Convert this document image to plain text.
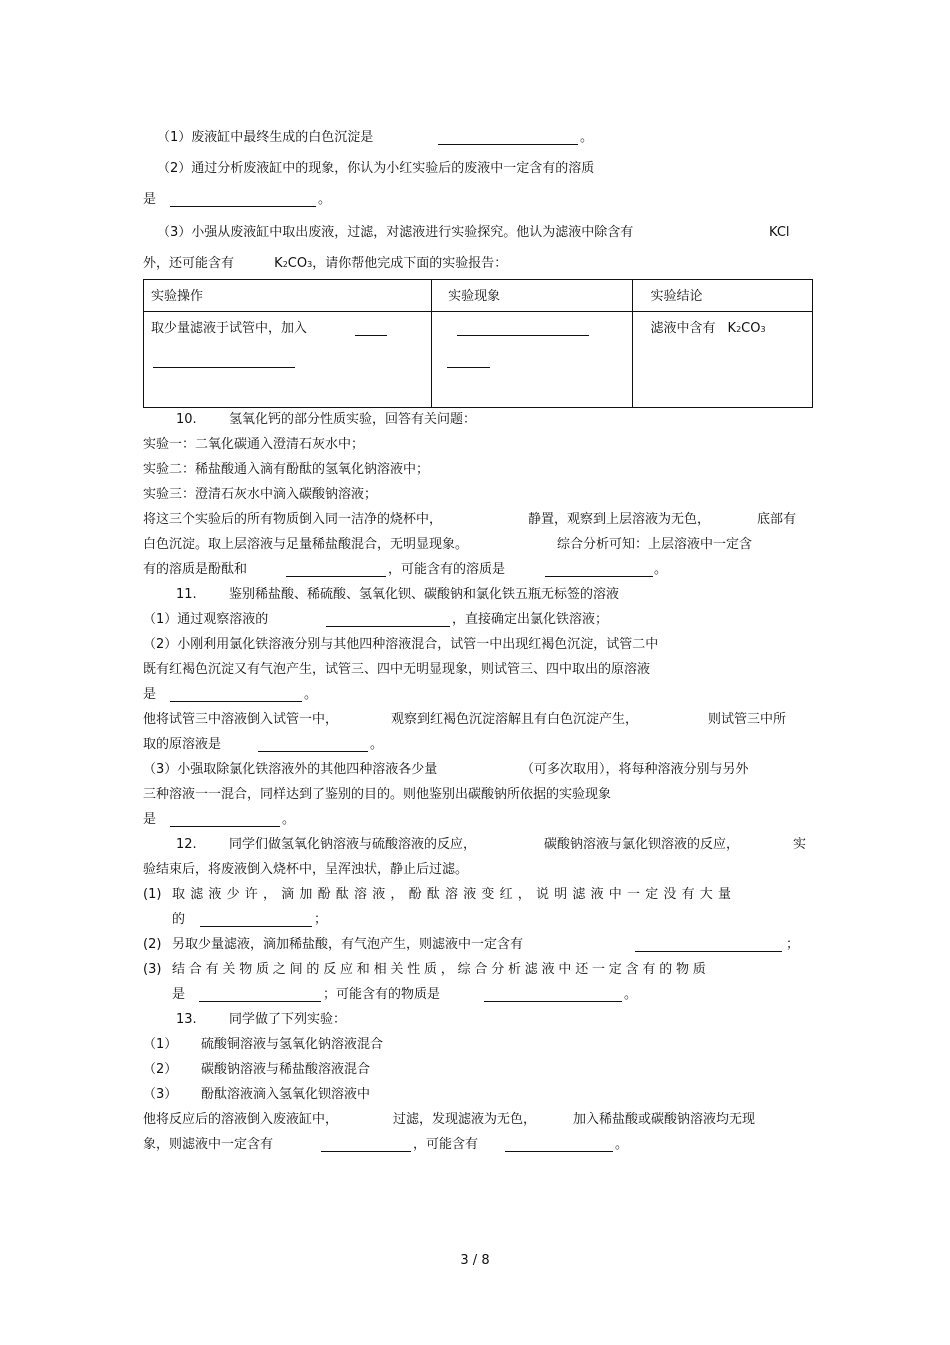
（1）废液缸中最终生成的白色沉淀是	。
（2）通过分析废液缸中的现象，你认为小红实验后的废液中一定含有的溶质
是	。
（3）小强从废液缸中取出废液，过滤，对滤液进行实验探究。他认为滤液中除含有	KCl
外，还可能含有	K2CO3，请你帮他完成下面的实验报告：
实验操作	实验现象	实验结论

取少量滤液于试管中，加入		滤液中含有 K2CO3
10. 氢氧化钙的部分性质实验，回答有关问题：
实验一：二氧化碳通入澄清石灰水中；
实验二：稀盐酸通入滴有酚酞的氢氧化钠溶液中；
实验三：澄清石灰水中滴入碳酸钠溶液；
将这三个实验后的所有物质倒入同一洁净的烧杯中，	静置，观察到上层溶液为无色，	底部有
白色沉淀。取上层溶液与足量稀盐酸混合，无明显现象。	综合分析可知：上层溶液中一定含
有的溶质是酚酞和	，可能含有的溶质是	。
11. 鉴别稀盐酸、稀硫酸、氢氧化钡、碳酸钠和氯化铁五瓶无标签的溶液
（1）通过观察溶液的	，直接确定出氯化铁溶液；
（2）小刚利用氯化铁溶液分别与其他四种溶液混合，试管一中出现红褐色沉淀，试管二中
既有红褐色沉淀又有气泡产生，试管三、四中无明显现象，则试管三、四中取出的原溶液
是	。
他将试管三中溶液倒入试管一中，	观察到红褐色沉淀溶解且有白色沉淀产生，	则试管三中所
取的原溶液是	。
（3）小强取除氯化铁溶液外的其他四种溶液各少量	（可多次取用），将每种溶液分别与另外
三种溶液一一混合，同样达到了鉴别的目的。则他鉴别出碳酸钠所依据的实验现象
是	。
12. 同学们做氢氧化钠溶液与硫酸溶液的反应，	碳酸钠溶液与氯化钡溶液的反应，	实
验结束后，将废液倒入烧杯中，呈浑浊状，静止后过滤。
(1) 取滤液少许，滴加酚酞溶液，酚酞溶液变红，说明滤液中一定没有大量
的	；
(2) 另取少量滤液，滴加稀盐酸，有气泡产生，则滤液中一定含有	；
(3) 结合有关物质之间的反应和相关性质，综合分析滤液中还一定含有的物质
是	；可能含有的物质是	。
13. 同学做了下列实验：
（1） 硫酸铜溶液与氢氧化钠溶液混合
（2） 碳酸钠溶液与稀盐酸溶液混合
（3） 酚酞溶液滴入氢氧化钡溶液中
他将反应后的溶液倒入废液缸中，	过滤，发现滤液为无色，	加入稀盐酸或碳酸钠溶液均无现
象，则滤液中一定含有	，可能含有	。
3 / 8
